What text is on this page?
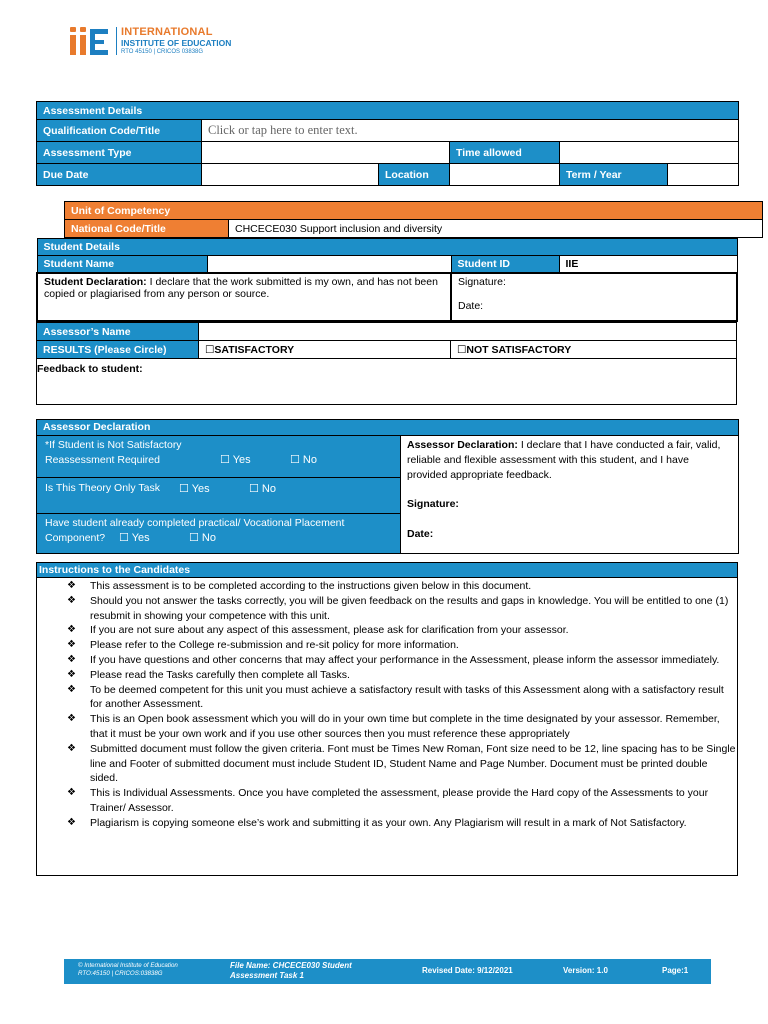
INTERNATIONAL
INSTITUTE OF EDUCATION
RTO 45150 | CRICOS 03838G
Assessment Details					
Qualification Code/Title	Click or tap here to enter text.				
Assessment Type			Time allowed		
Due Date		Location		Term / Year	
Unit of Competency
National Code/Title	CHCECE030 Support inclusion and diversity
Student Details			
Student Name		Student ID	IIE
Student Declaration: I declare that the work submitted is my own, and has not been copied or plagiarised from any person or source.		Signature:
Date:	
Assessor’s Name		
RESULTS (Please Circle)	☐SATISFACTORY	☐NOT SATISFACTORY
Feedback to student:		
Assessor Declaration

*If Student is Not Satisfactory
Reassessment Required	☐ Yes	☐ No

Assessor Declaration: I declare that I have conducted a fair, valid, reliable and flexible assessment with this student, and I have provided appropriate feedback.
Signature:
Date:

Is This Theory Only Task ☐ Yes	☐ No

Have student already completed practical/ Vocational Placement
Component? ☐ Yes	☐ No
Instructions to the Candidates
❖ This assessment is to be completed according to the instructions given below in this document.
❖ Should you not answer the tasks correctly, you will be given feedback on the results and gaps in knowledge. You will be entitled to one (1) resubmit in showing your competence with this unit.
❖ If you are not sure about any aspect of this assessment, please ask for clarification from your assessor.
❖ Please refer to the College re-submission and re-sit policy for more information.
❖ If you have questions and other concerns that may affect your performance in the Assessment, please inform the assessor immediately.
❖ Please read the Tasks carefully then complete all Tasks.
❖ To be deemed competent for this unit you must achieve a satisfactory result with tasks of this Assessment along with a satisfactory result for another Assessment.
❖ This is an Open book assessment which you will do in your own time but complete in the time designated by your assessor. Remember, that it must be your own work and if you use other sources then you must reference these appropriately
❖ Submitted document must follow the given criteria. Font must be Times New Roman, Font size need to be 12, line spacing has to be Single line and Footer of submitted document must include Student ID, Student Name and Page Number. Document must be printed double sided.
❖ This is Individual Assessments. Once you have completed the assessment, please provide the Hard copy of the Assessments to your Trainer/ Assessor.
❖ Plagiarism is copying someone else’s work and submitting it as your own. Any Plagiarism will result in a mark of Not Satisfactory.
© International Institute of Education
RTO:45150 | CRICOS:03838G
File Name: CHCECE030 Student
Assessment Task 1
Revised Date: 9/12/2021	Version: 1.0	Page:1
